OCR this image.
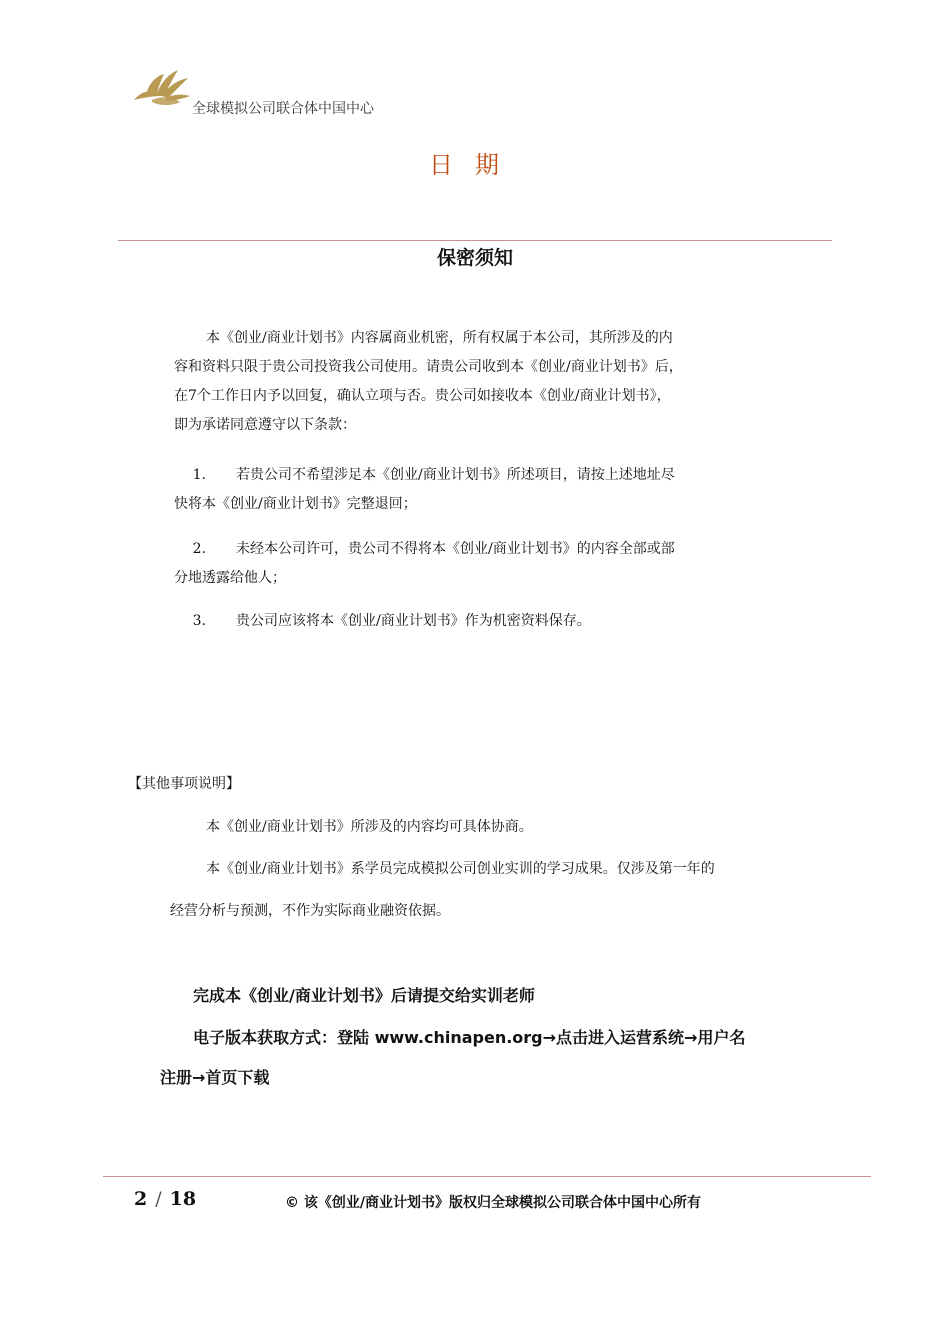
全球模拟公司联合体中国中心
日期
保密须知
本《创业/商业计划书》内容属商业机密，所有权属于本公司，其所涉及的内
容和资料只限于贵公司投资我公司使用。请贵公司收到本《创业/商业计划书》后，
在7个工作日内予以回复，确认立项与否。贵公司如接收本《创业/商业计划书》，
即为承诺同意遵守以下条款：
1. 若贵公司不希望涉足本《创业/商业计划书》所述项目，请按上述地址尽
快将本《创业/商业计划书》完整退回；
2. 未经本公司许可，贵公司不得将本《创业/商业计划书》的内容全部或部
分地透露给他人；
3. 贵公司应该将本《创业/商业计划书》作为机密资料保存。
【其他事项说明】
本《创业/商业计划书》所涉及的内容均可具体协商。
本《创业/商业计划书》系学员完成模拟公司创业实训的学习成果。仅涉及第一年的
经营分析与预测，不作为实际商业融资依据。
完成本《创业/商业计划书》后请提交给实训老师
电子版本获取方式：登陆 www.chinapen.org→点击进入运营系统→用户名
注册→首页下载
2 / 18	© 该《创业/商业计划书》版权归全球模拟公司联合体中国中心所有
